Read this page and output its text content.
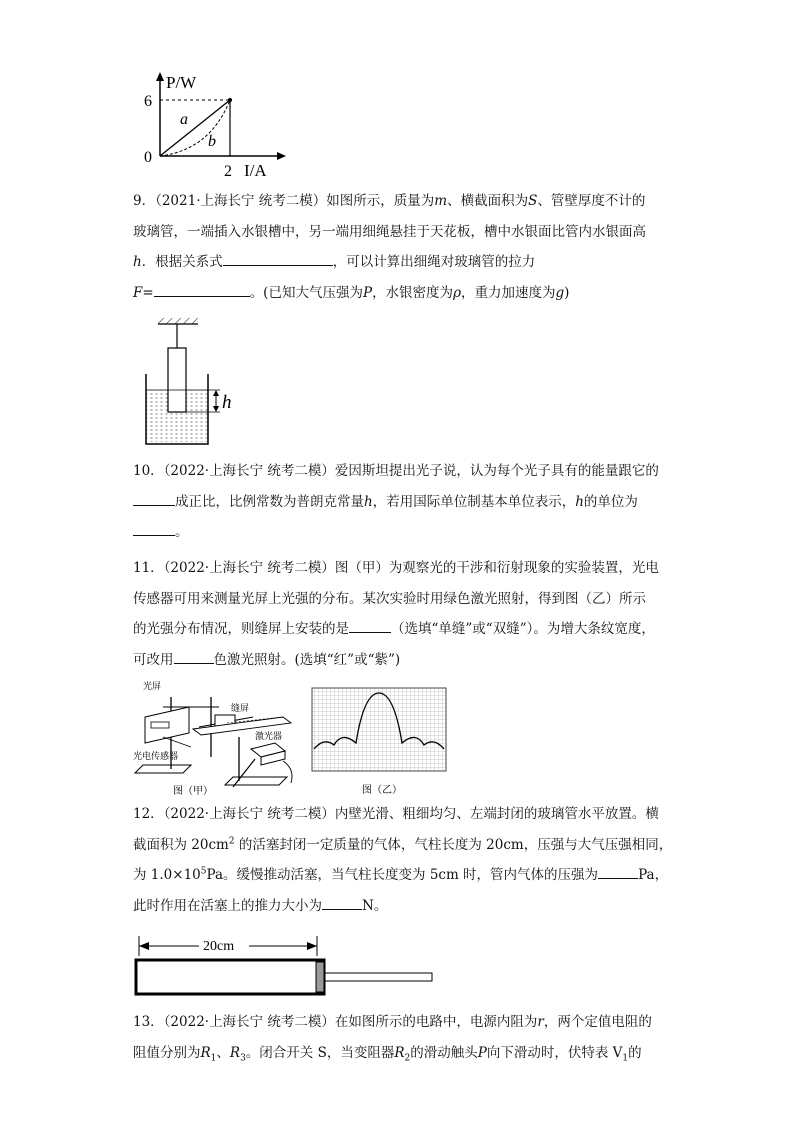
P/W
6
0
2 I/A
a
b
9．（2021·上海长宁 统考二模）如图所示，质量为m、横截面积为S、管壁厚度不计的
玻璃管，一端插入水银槽中，另一端用细绳悬挂于天花板，槽中水银面比管内水银面高
h．根据关系式	，可以计算出细绳对玻璃管的拉力
F=	。(已知大气压强为P，水银密度为ρ，重力加速度为g)
h
10．（2022·上海长宁 统考二模）爱因斯坦提出光子说，认为每个光子具有的能量跟它的
成正比，比例常数为普朗克常量h，若用国际单位制基本单位表示，h的单位为
。
11．（2022·上海长宁 统考二模）图（甲）为观察光的干涉和衍射现象的实验装置，光电
传感器可用来测量光屏上光强的分布。某次实验时用绿色激光照射，得到图（乙）所示
的光强分布情况，则缝屏上安装的是	（选填“单缝”或“双缝”）。为增大条纹宽度，
可改用	色激光照射。(选填“红”或“紫”)
光屏
缝屏
光电传感器
激光器
图（甲）	图（乙）
12．（2022·上海长宁 统考二模）内壁光滑、粗细均匀、左端封闭的玻璃管水平放置。横
截面积为 $20cm^2$ 的活塞封闭一定质量的气体，气柱长度为 20cm，压强与大气压强相同，
为 $1.0\times 10^5Pa$。缓慢推动活塞，当气柱长度变为 5cm 时，管内气体的压强为	Pa，
此时作用在活塞上的推力大小为	N。
20cm
13．（2022·上海长宁 统考二模）在如图所示的电路中，电源内阻为r，两个定值电阻的
阻值分别为$R_1$、$R_3$。闭合开关 S，当变阻器$R_2$的滑动触头P向下滑动时，伏特表 $V_1$的
